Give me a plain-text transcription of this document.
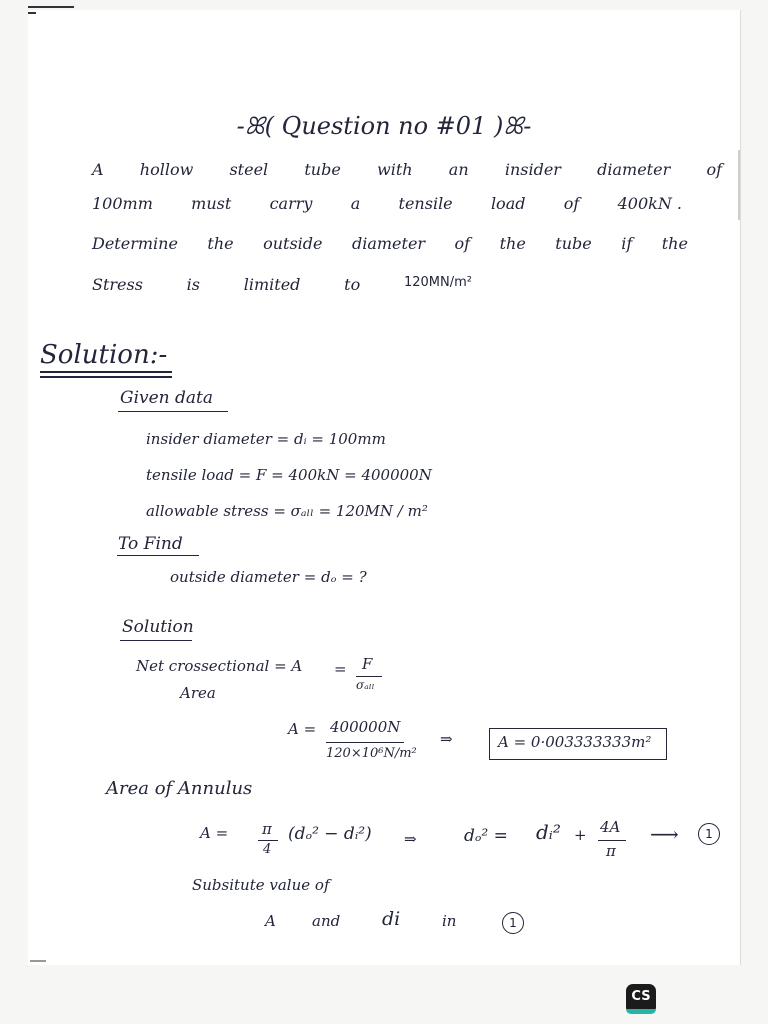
-ꕤ( Question no #01 )ꕤ-
A hollow steel tube with an insider diameter of
100mm must carry a tensile load of 400kN .
Determine the outside diameter of the tube if the
Stress	is	limited	to	120MN/m²
Solution:-
Given data
insider diameter = dᵢ = 100mm
tensile load = F = 400kN = 400000N
allowable stress = σₐₗₗ = 120MN / m²
To Find
outside diameter = dₒ = ?
Solution
Net crossectional = A
Area
= F
σₐₗₗ
A = 400000N
120×10⁶N/m²
⇒	A = 0·003333333m²
Area of Annulus
A = π
4
(dₒ² − dᵢ²) ⇒	dₒ² = dᵢ² + 4A
π
⟶	1
Subsitute value of
A and di	in	1
CS
